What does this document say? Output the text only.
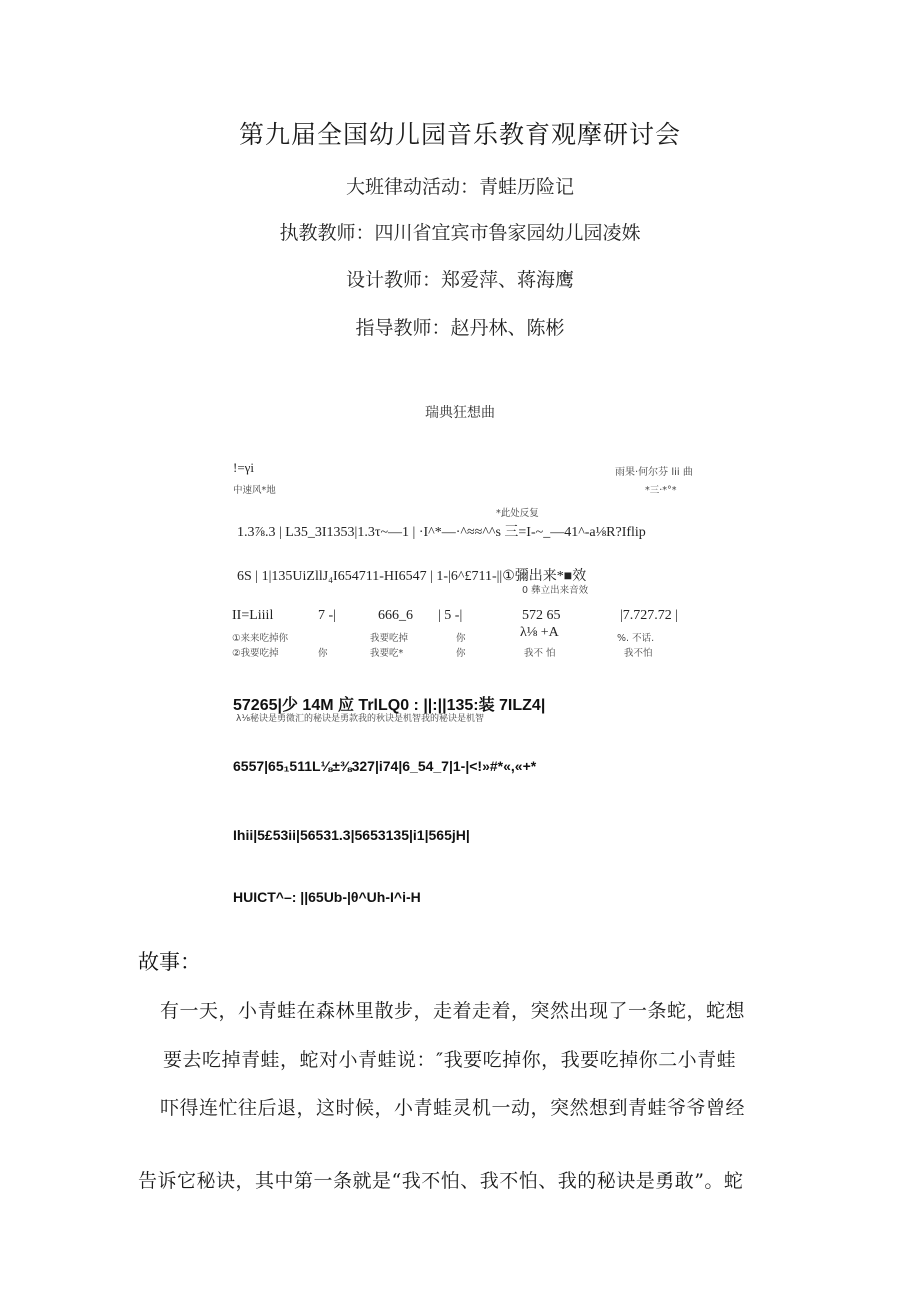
第九届全国幼儿园音乐教育观摩研讨会
大班律动活动：青蛙历险记
执教教师：四川省宜宾市鲁家园幼儿园凌姝
设计教师：郑爱萍、蒋海鹰
指导教师：赵丹林、陈彬
瑞典狂想曲
!=γi
中速风*地
雨果·何尔芬 lii 曲
*三·*°*
*此处反复
1.3⅞.3 | L35_3I1353|1.3τ~—1 | ·I^*—·^≈≈^^s 三=I-~_—41^-a⅛R?Iflip
6S | 1|135UiZllJ₄I654711-HI6547 | 1-|6^£711-||①彌出来*■效
0 彝立出来音效
II=Liiil	7 -|	666_6 | 5 -|	572 65	|7.727.72 |
①来来吃掉你	我要吃掉	你	λ⅛ +A	%. 不话.
②我要吃掉	你	我要吃*	你	我不 怕	我不怕
57265|少 14M 应 TrlLQ0 : ||:||135:装 7ILZ4|
λ⅛秘诀是勇微汇的秘诀是勇款我的秋诀是机智我的秘诀是机智
6557|65₁511L⅛±⅜327|i74|6_54_7|1-|<!»#*«,«+*
Ihii|5£53ii|56531.3|5653135|i1|565jH|
HUICT^–: ||65Ub-|θ^Uh-I^i-H
故事：
有一天，小青蛙在森林里散步，走着走着，突然出现了一条蛇，蛇想
要去吃掉青蛙，蛇对小青蛙说：″我要吃掉你，我要吃掉你二小青蛙
吓得连忙往后退，这时候，小青蛙灵机一动，突然想到青蛙爷爷曾经
告诉它秘诀，其中第一条就是“我不怕、我不怕、我的秘诀是勇敢”。蛇
